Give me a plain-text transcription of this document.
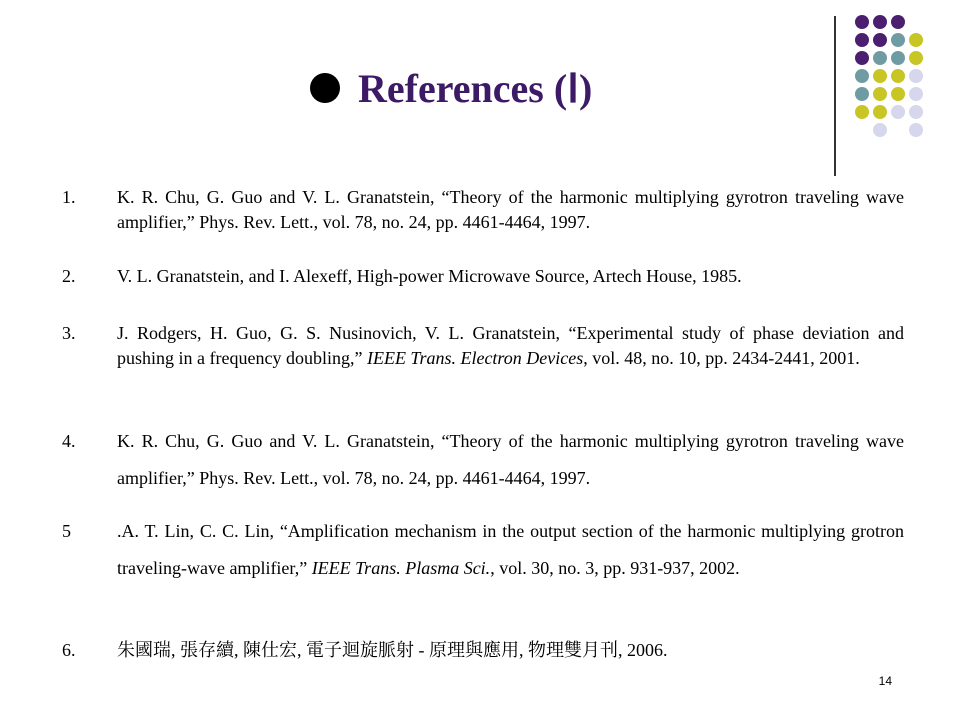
References (Ⅰ)
1. K. R. Chu, G. Guo and V. L. Granatstein, “Theory of the harmonic multiplying gyrotron traveling wave amplifier,” Phys. Rev. Lett., vol. 78, no. 24, pp. 4461-4464, 1997.
2. V. L. Granatstein, and I. Alexeff, High-power Microwave Source, Artech House, 1985.
3. J. Rodgers, H. Guo, G. S. Nusinovich, V. L. Granatstein, “Experimental study of phase deviation and pushing in a frequency doubling,” IEEE Trans. Electron Devices, vol. 48, no. 10, pp. 2434-2441, 2001.
4. K. R. Chu, G. Guo and V. L. Granatstein, “Theory of the harmonic multiplying gyrotron traveling wave amplifier,” Phys. Rev. Lett., vol. 78, no. 24, pp. 4461-4464, 1997.
5	.A. T. Lin, C. C. Lin, “Amplification mechanism in the output section of the harmonic multiplying grotron traveling-wave amplifier,” IEEE Trans. Plasma Sci., vol. 30, no. 3, pp. 931-937, 2002.
6. 朱國瑞, 張存續, 陳仕宏, 電子迴旋脈射 - 原理與應用, 物理雙月刊, 2006.
14
